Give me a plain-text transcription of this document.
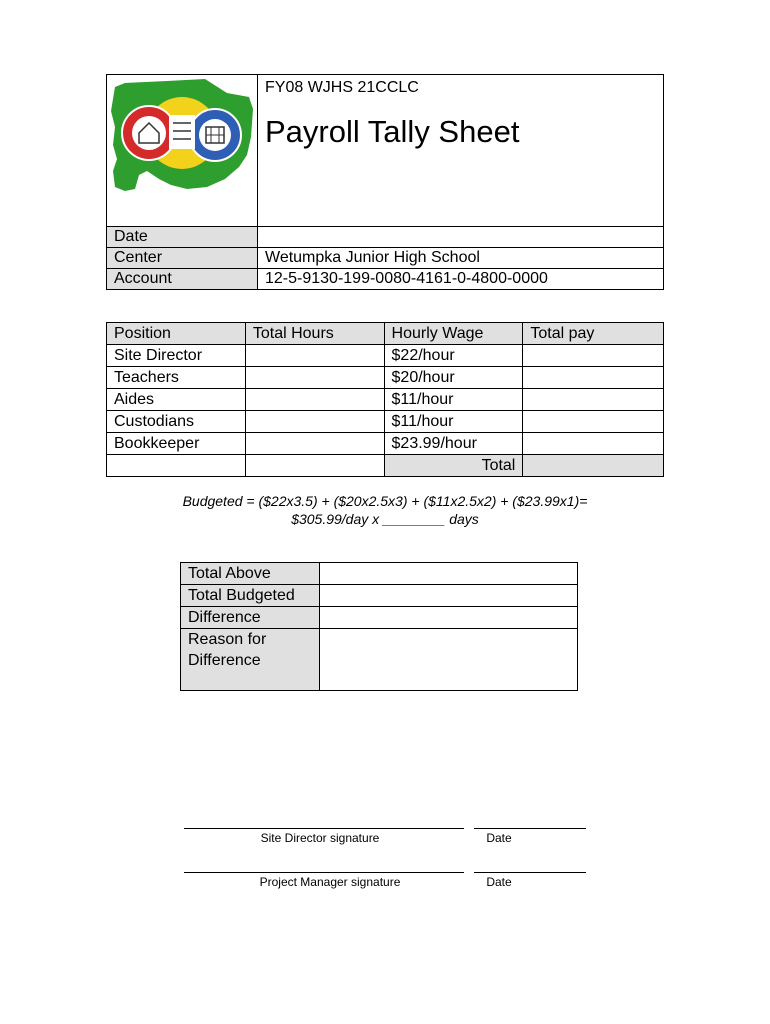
FY08 WJHS 21CCLC
Payroll Tally Sheet

Date	
Center	Wetumpka Junior High School
Account	12-5-9130-199-0080-4161-0-4800-0000
Position	Total Hours	Hourly Wage	Total pay
Site Director		$22/hour	
Teachers		$20/hour	
Aides		$11/hour	
Custodians		$11/hour	
Bookkeeper		$23.99/hour	
		Total	
Budgeted = ($22x3.5) + ($20x2.5x3) + ($11x2.5x2) + ($23.99x1)=
$305.99/day x ________ days
Total Above	
Total Budgeted	
Difference	

Reason for
Difference	

Site Director signature	Date
Project Manager signature	Date
